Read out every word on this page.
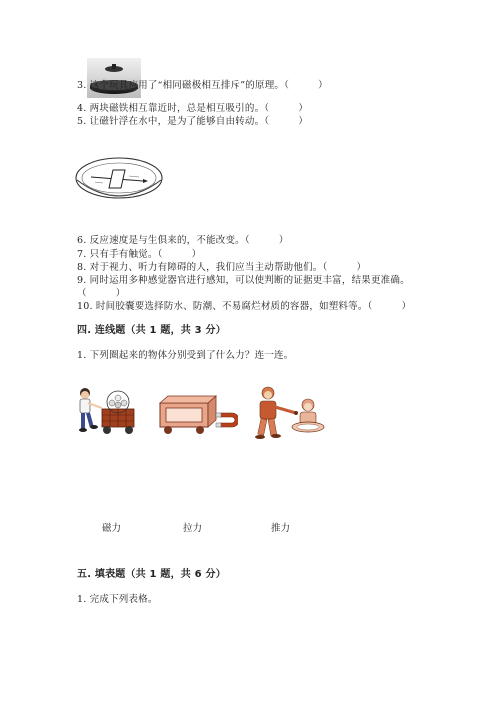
3. 这个玩具应用了“相同磁极相互排斥”的原理。（　　　）
4. 两块磁铁相互靠近时，总是相互吸引的。（　　　）
5. 让磁针浮在水中，是为了能够自由转动。（　　　）
6. 反应速度是与生俱来的，不能改变。（　　　）
7. 只有手有触觉。（　　　）
8. 对于视力、听力有障碍的人，我们应当主动帮助他们。（　　　）
9. 同时运用多种感觉器官进行感知，可以使判断的证据更丰富，结果更准确。
（　　　）
10. 时间胶囊要选择防水、防潮、不易腐烂材质的容器，如塑料等。（　　　）
四. 连线题（共 1 题，共 3 分）
1. 下列圈起来的物体分别受到了什么力？连一连。
磁力	拉力	推力
五. 填表题（共 1 题，共 6 分）
1. 完成下列表格。
